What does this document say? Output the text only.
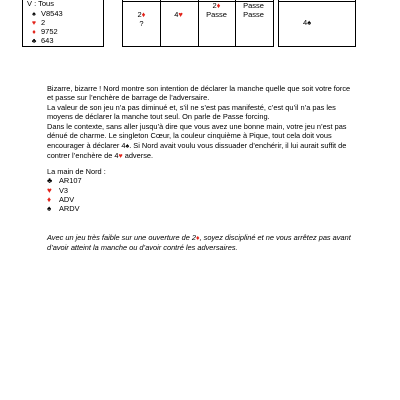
V : Tous
♠ V8543
♥ 2
♦ 9752
♣ 643
2♦
?
4♥
2♦
Passe
Passe
Passe
4♠

Bizarre, bizarre ! Nord montre son intention de déclarer la manche quelle que soit votre force et passe sur l’enchère de barrage de l’adversaire.

La valeur de son jeu n’a pas diminué et, s’il ne s’est pas manifesté, c’est qu’il n’a pas les moyens de déclarer la manche tout seul. On parle de Passe forcing.

Dans le contexte, sans aller jusqu’à dire que vous avez une bonne main, votre jeu n’est pas dénué de charme. Le singleton Cœur, la couleur cinquième à Pique, tout cela doit vous encourager à déclarer 4♠. Si Nord avait voulu vous dissuader d’enchérir, il lui aurait suffit de contrer l’enchère de 4♥ adverse.

La main de Nord :
♣ AR107
♥ V3
♦ ADV
♠ ARDV

Avec un jeu très faible sur une ouverture de 2♦, soyez discipliné et ne vous arrêtez pas avant d’avoir atteint la manche ou d’avoir contré les adversaires.
